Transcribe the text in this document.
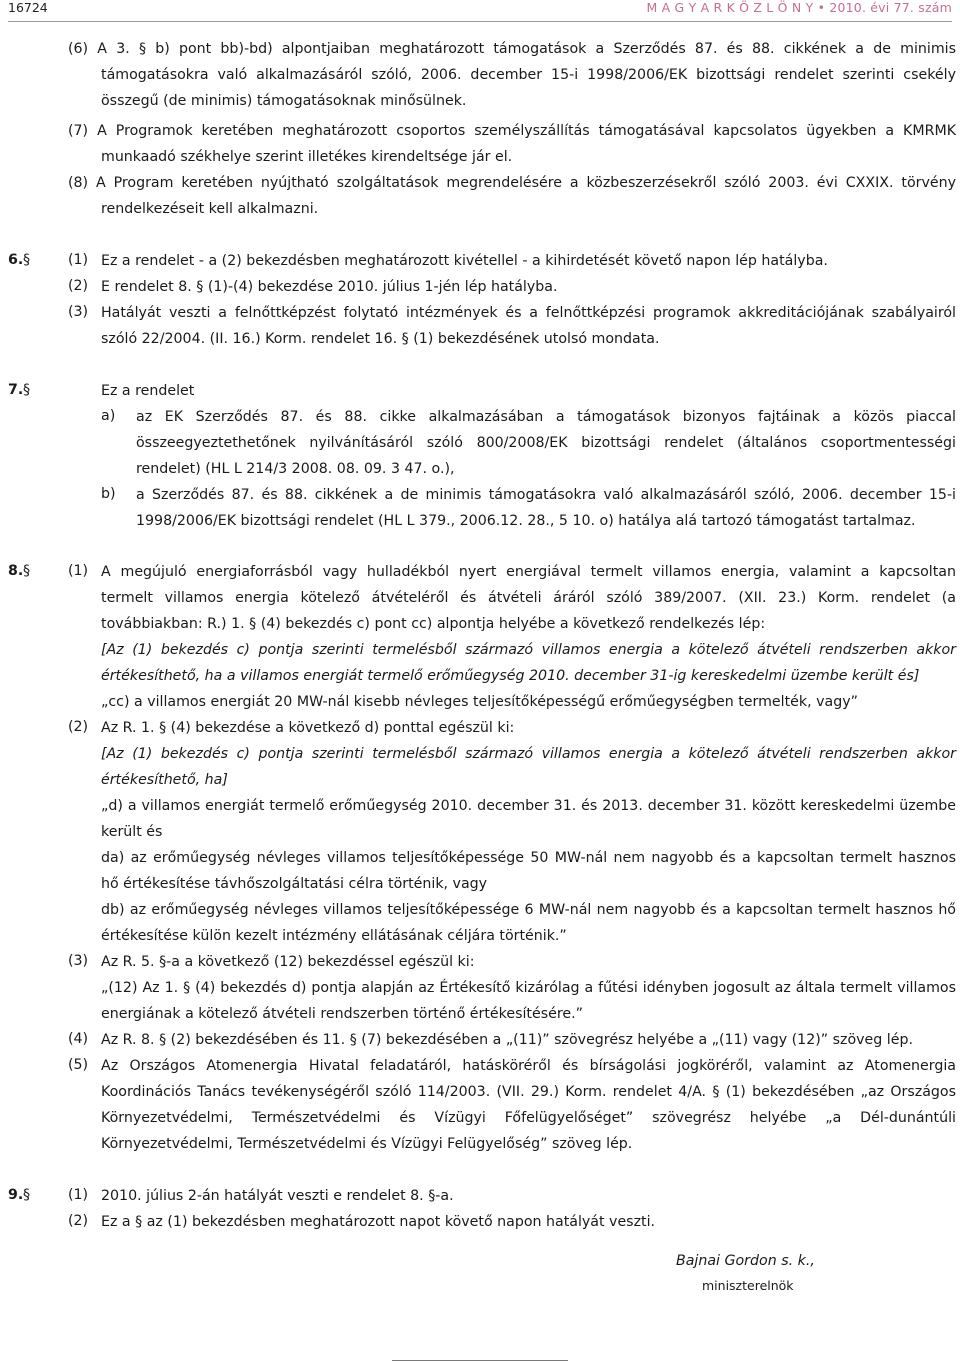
16724	M A G Y A R K Ö Z L Ö N Y • 2010. évi 77. szám
(6) A 3. § b) pont bb)-bd) alpontjaiban meghatározott támogatások a Szerződés 87. és 88. cikkének a de minimis
támogatásokra való alkalmazásáról szóló, 2006. december 15-i 1998/2006/EK bizottsági rendelet szerinti csekély
összegű (de minimis) támogatásoknak minősülnek.
(7) A Programok keretében meghatározott csoportos személyszállítás támogatásával kapcsolatos ügyekben a KMRMK
munkaadó székhelye szerint illetékes kirendeltsége jár el.
(8) A Program keretében nyújtható szolgáltatások megrendelésére a közbeszerzésekről szóló 2003. évi CXXIX. törvény
rendelkezéseit kell alkalmazni.
6. §	(1) Ez a rendelet - a (2) bekezdésben meghatározott kivétellel - a kihirdetését követő napon lép hatályba.
(2) E rendelet 8. § (1)-(4) bekezdése 2010. július 1-jén lép hatályba.
(3) Hatályát veszti a felnőttképzést folytató intézmények és a felnőttképzési programok akkreditációjának szabályairól
szóló 22/2004. (II. 16.) Korm. rendelet 16. § (1) bekezdésének utolsó mondata.
7. §	Ez a rendelet
a) az EK Szerződés 87. és 88. cikke alkalmazásában a támogatások bizonyos fajtáinak a közös piaccal
összeegyeztethetőnek nyilvánításáról szóló 800/2008/EK bizottsági rendelet (általános csoportmentességi
rendelet) (HL L 214/3 2008. 08. 09. 3 47. o.),
b) a Szerződés 87. és 88. cikkének a de minimis támogatásokra való alkalmazásáról szóló, 2006. december 15-i
1998/2006/EK bizottsági rendelet (HL L 379., 2006.12. 28., 5 10. o) hatálya alá tartozó támogatást tartalmaz.
8. §	(1) A megújuló energiaforrásból vagy hulladékból nyert energiával termelt villamos energia, valamint a kapcsoltan
termelt villamos energia kötelező átvételéről és átvételi áráról szóló 389/2007. (XII. 23.) Korm. rendelet (a
továbbiakban: R.) 1. § (4) bekezdés c) pont cc) alpontja helyébe a következő rendelkezés lép:
[Az (1) bekezdés c) pontja szerinti termelésből származó villamos energia a kötelező átvételi rendszerben akkor
értékesíthető, ha a villamos energiát termelő erőműegység 2010. december 31-ig kereskedelmi üzembe került és]
„cc) a villamos energiát 20 MW-nál kisebb névleges teljesítőképességű erőműegységben termelték, vagy”
(2) Az R. 1. § (4) bekezdése a következő d) ponttal egészül ki:
[Az (1) bekezdés c) pontja szerinti termelésből származó villamos energia a kötelező átvételi rendszerben akkor
értékesíthető, ha]
„d) a villamos energiát termelő erőműegység 2010. december 31. és 2013. december 31. között kereskedelmi üzembe
került és
da) az erőműegység névleges villamos teljesítőképessége 50 MW-nál nem nagyobb és a kapcsoltan termelt hasznos
hő értékesítése távhőszolgáltatási célra történik, vagy
db) az erőműegység névleges villamos teljesítőképessége 6 MW-nál nem nagyobb és a kapcsoltan termelt hasznos hő
értékesítése külön kezelt intézmény ellátásának céljára történik.”
(3) Az R. 5. §-a a következő (12) bekezdéssel egészül ki:
„(12) Az 1. § (4) bekezdés d) pontja alapján az Értékesítő kizárólag a fűtési idényben jogosult az általa termelt villamos
energiának a kötelező átvételi rendszerben történő értékesítésére.”
(4) Az R. 8. § (2) bekezdésében és 11. § (7) bekezdésében a „(11)” szövegrész helyébe a „(11) vagy (12)” szöveg lép.
(5) Az Országos Atomenergia Hivatal feladatáról, hatásköréről és bírságolási jogköréről, valamint az Atomenergia
Koordinációs Tanács tevékenységéről szóló 114/2003. (VII. 29.) Korm. rendelet 4/A. § (1) bekezdésében „az Országos
Környezetvédelmi, Természetvédelmi és Vízügyi Főfelügyelőséget” szövegrész helyébe „a Dél-dunántúli
Környezetvédelmi, Természetvédelmi és Vízügyi Felügyelőség” szöveg lép.
9. §	(1) 2010. július 2-án hatályát veszti e rendelet 8. §-a.
(2) Ez a § az (1) bekezdésben meghatározott napot követő napon hatályát veszti.
Bajnai Gordon s. k.,
miniszterelnök
